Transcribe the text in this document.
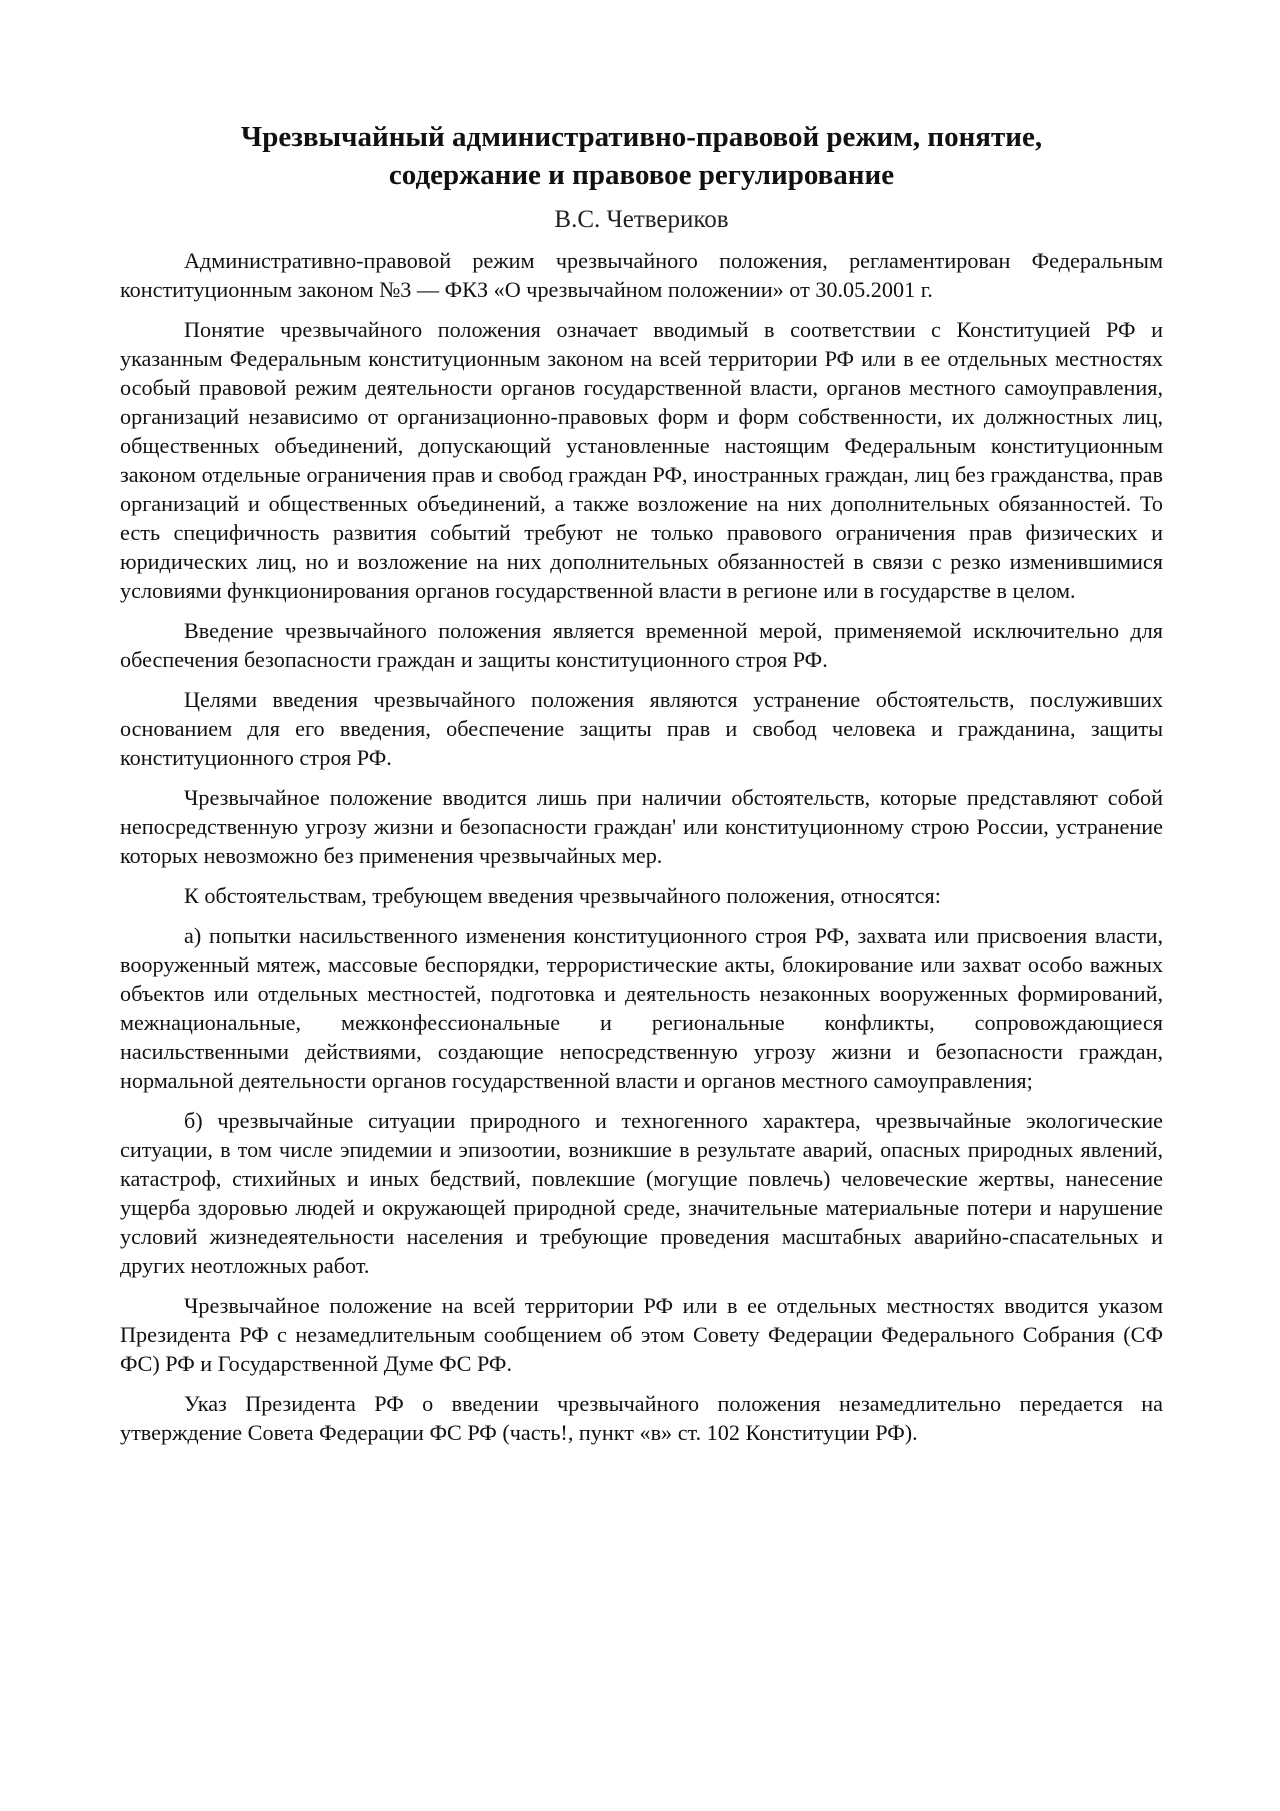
Чрезвычайный административно-правовой режим, понятие,
содержание и правовое регулирование

В.С. Четвериков

Административно-правовой режим чрезвычайного положения, регламентирован Федеральным конституционным законом №3 — ФКЗ «О чрезвычайном положении» от 30.05.2001 г.

Понятие чрезвычайного положения означает вводимый в соответствии с Конституцией РФ и указанным Федеральным конституционным законом на всей территории РФ или в ее отдельных местностях особый правовой режим деятельности органов государственной власти, органов местного самоуправления, организаций независимо от организационно-правовых форм и форм собственности, их должностных лиц, общественных объединений, допускающий установленные настоящим Федеральным конституционным законом отдельные ограничения прав и свобод граждан РФ, иностранных граждан, лиц без гражданства, прав организаций и общественных объединений, а также возложение на них дополнительных обязанностей. То есть специфичность развития событий требуют не только правового ограничения прав физических и юридических лиц, но и возложение на них дополнительных обязанностей в связи с резко изменившимися условиями функционирования органов государственной власти в регионе или в государстве в целом.

Введение чрезвычайного положения является временной мерой, применяемой исключительно для обеспечения безопасности граждан и защиты конституционного строя РФ.

Целями введения чрезвычайного положения являются устранение обстоятельств, послуживших основанием для его введения, обеспечение защиты прав и свобод человека и гражданина, защиты конституционного строя РФ.

Чрезвычайное положение вводится лишь при наличии обстоятельств, которые представляют собой непосредственную угрозу жизни и безопасности граждан' или конституционному строю России, устранение которых невозможно без применения чрезвычайных мер.

К обстоятельствам, требующем введения чрезвычайного положения, относятся:

а) попытки насильственного изменения конституционного строя РФ, захвата или присвоения власти, вооруженный мятеж, массовые беспорядки, террористические акты, блокирование или захват особо важных объектов или отдельных местностей, подготовка и деятельность незаконных вооруженных формирований, межнациональные, межконфессиональные и региональные конфликты, сопровождающиеся насильственными действиями, создающие непосредственную угрозу жизни и безопасности граждан, нормальной деятельности органов государственной власти и органов местного самоуправления;

б) чрезвычайные ситуации природного и техногенного характера, чрезвычайные экологические ситуации, в том числе эпидемии и эпизоотии, возникшие в результате аварий, опасных природных явлений, катастроф, стихийных и иных бедствий, повлекшие (могущие повлечь) человеческие жертвы, нанесение ущерба здоровью людей и окружающей природной среде, значительные материальные потери и нарушение условий жизнедеятельности населения и требующие проведения масштабных аварийно-спасательных и других неотложных работ.

Чрезвычайное положение на всей территории РФ или в ее отдельных местностях вводится указом Президента РФ с незамедлительным сообщением об этом Совету Федерации Федерального Собрания (СФ ФС) РФ и Государственной Думе ФС РФ.

Указ Президента РФ о введении чрезвычайного положения незамедлительно передается на утверждение Совета Федерации ФС РФ (часть!, пункт «в» ст. 102 Конституции РФ).
